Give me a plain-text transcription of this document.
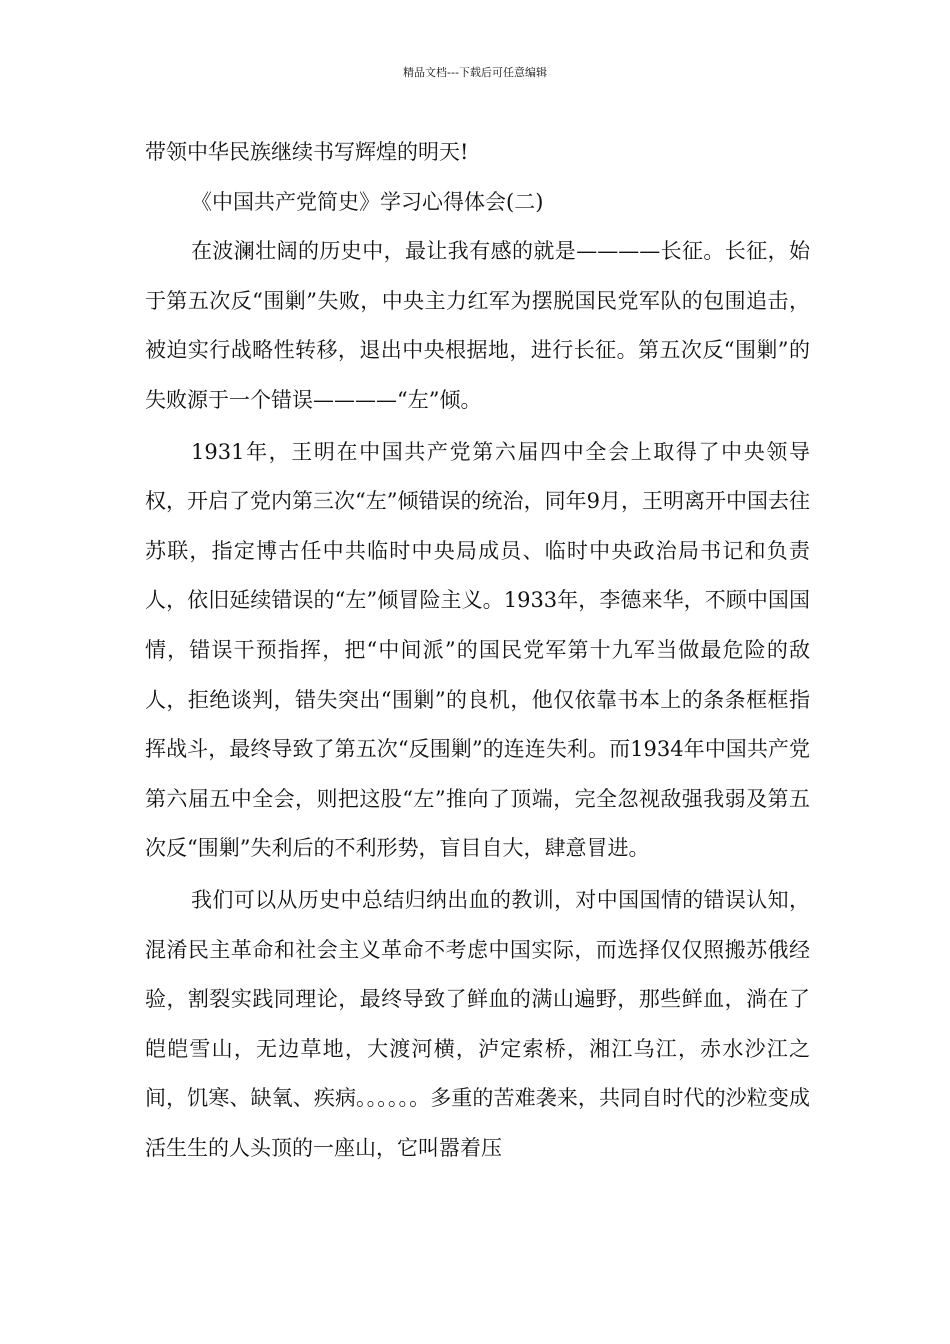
精品文档---下载后可任意编辑

带领中华民族继续书写辉煌的明天!

《中国共产党简史》学习心得体会(二)

在波澜壮阔的历史中，最让我有感的就是————长征。长征，始于第五次反“围剿”失败，中央主力红军为摆脱国民党军队的包围追击，被迫实行战略性转移，退出中央根据地，进行长征。第五次反“围剿”的失败源于一个错误————“左”倾。

1931年，王明在中国共产党第六届四中全会上取得了中央领导权，开启了党内第三次“左”倾错误的统治，同年9月，王明离开中国去往苏联，指定博古任中共临时中央局成员、临时中央政治局书记和负责人，依旧延续错误的“左”倾冒险主义。1933年，李德来华，不顾中国国情，错误干预指挥，把“中间派”的国民党军第十九军当做最危险的敌人，拒绝谈判，错失突出“围剿”的良机，他仅依靠书本上的条条框框指挥战斗，最终导致了第五次“反围剿”的连连失利。而1934年中国共产党第六届五中全会，则把这股“左”推向了顶端，完全忽视敌强我弱及第五次反“围剿”失利后的不利形势，盲目自大，肆意冒进。

我们可以从历史中总结归纳出血的教训，对中国国情的错误认知，混淆民主革命和社会主义革命不考虑中国实际，而选择仅仅照搬苏俄经验，割裂实践同理论，最终导致了鲜血的满山遍野，那些鲜血，淌在了皑皑雪山，无边草地，大渡河横，泸定索桥，湘江乌江，赤水沙江之间，饥寒、缺氧、疾病。。。。。。多重的苦难袭来，共同自时代的沙粒变成活生生的人头顶的一座山，它叫嚣着压
